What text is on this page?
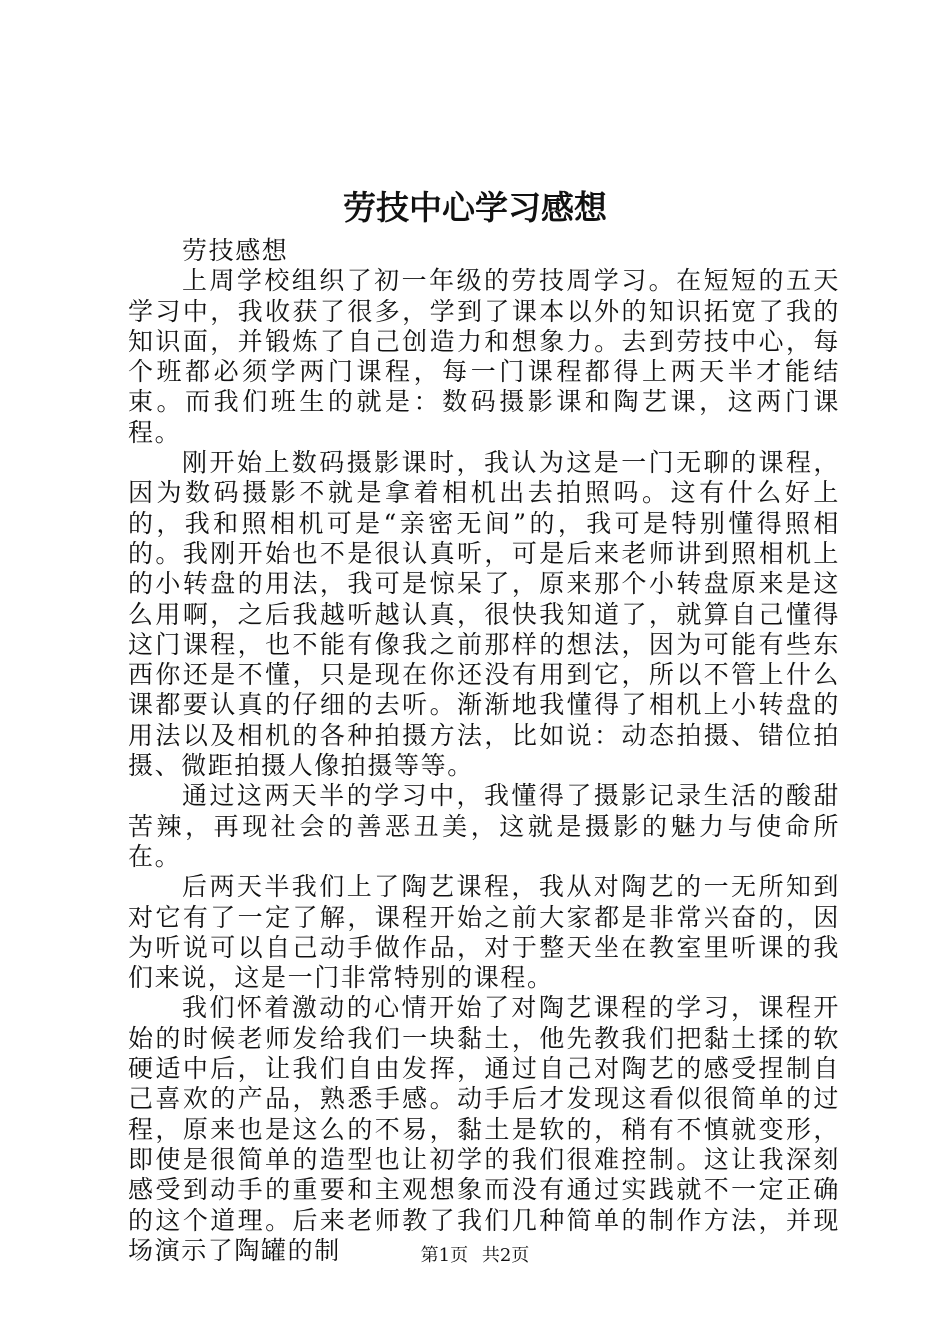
劳技中心学习感想

劳技感想

上周学校组织了初一年级的劳技周学习。在短短的五天学习中，我收获了很多，学到了课本以外的知识拓宽了我的知识面，并锻炼了自己创造力和想象力。去到劳技中心，每个班都必须学两门课程，每一门课程都得上两天半才能结束。而我们班生的就是：数码摄影课和陶艺课，这两门课程。

刚开始上数码摄影课时，我认为这是一门无聊的课程，因为数码摄影不就是拿着相机出去拍照吗。这有什么好上的，我和照相机可是“亲密无间”的，我可是特别懂得照相的。我刚开始也不是很认真听，可是后来老师讲到照相机上的小转盘的用法，我可是惊呆了，原来那个小转盘原来是这么用啊，之后我越听越认真，很快我知道了，就算自己懂得这门课程，也不能有像我之前那样的想法，因为可能有些东西你还是不懂，只是现在你还没有用到它，所以不管上什么课都要认真的仔细的去听。渐渐地我懂得了相机上小转盘的用法以及相机的各种拍摄方法，比如说：动态拍摄、错位拍摄、微距拍摄人像拍摄等等。

通过这两天半的学习中，我懂得了摄影记录生活的酸甜苦辣，再现社会的善恶丑美，这就是摄影的魅力与使命所在。

后两天半我们上了陶艺课程，我从对陶艺的一无所知到对它有了一定了解，课程开始之前大家都是非常兴奋的，因为听说可以自己动手做作品，对于整天坐在教室里听课的我们来说，这是一门非常特别的课程。

我们怀着激动的心情开始了对陶艺课程的学习，课程开始的时候老师发给我们一块黏土，他先教我们把黏土揉的软硬适中后，让我们自由发挥，通过自己对陶艺的感受捏制自己喜欢的产品，熟悉手感。动手后才发现这看似很简单的过程，原来也是这么的不易，黏土是软的，稍有不慎就变形，即使是很简单的造型也让初学的我们很难控制。这让我深刻感受到动手的重要和主观想象而没有通过实践就不一定正确的这个道理。后来老师教了我们几种简单的制作方法，并现场演示了陶罐的制	第1页 共2页
